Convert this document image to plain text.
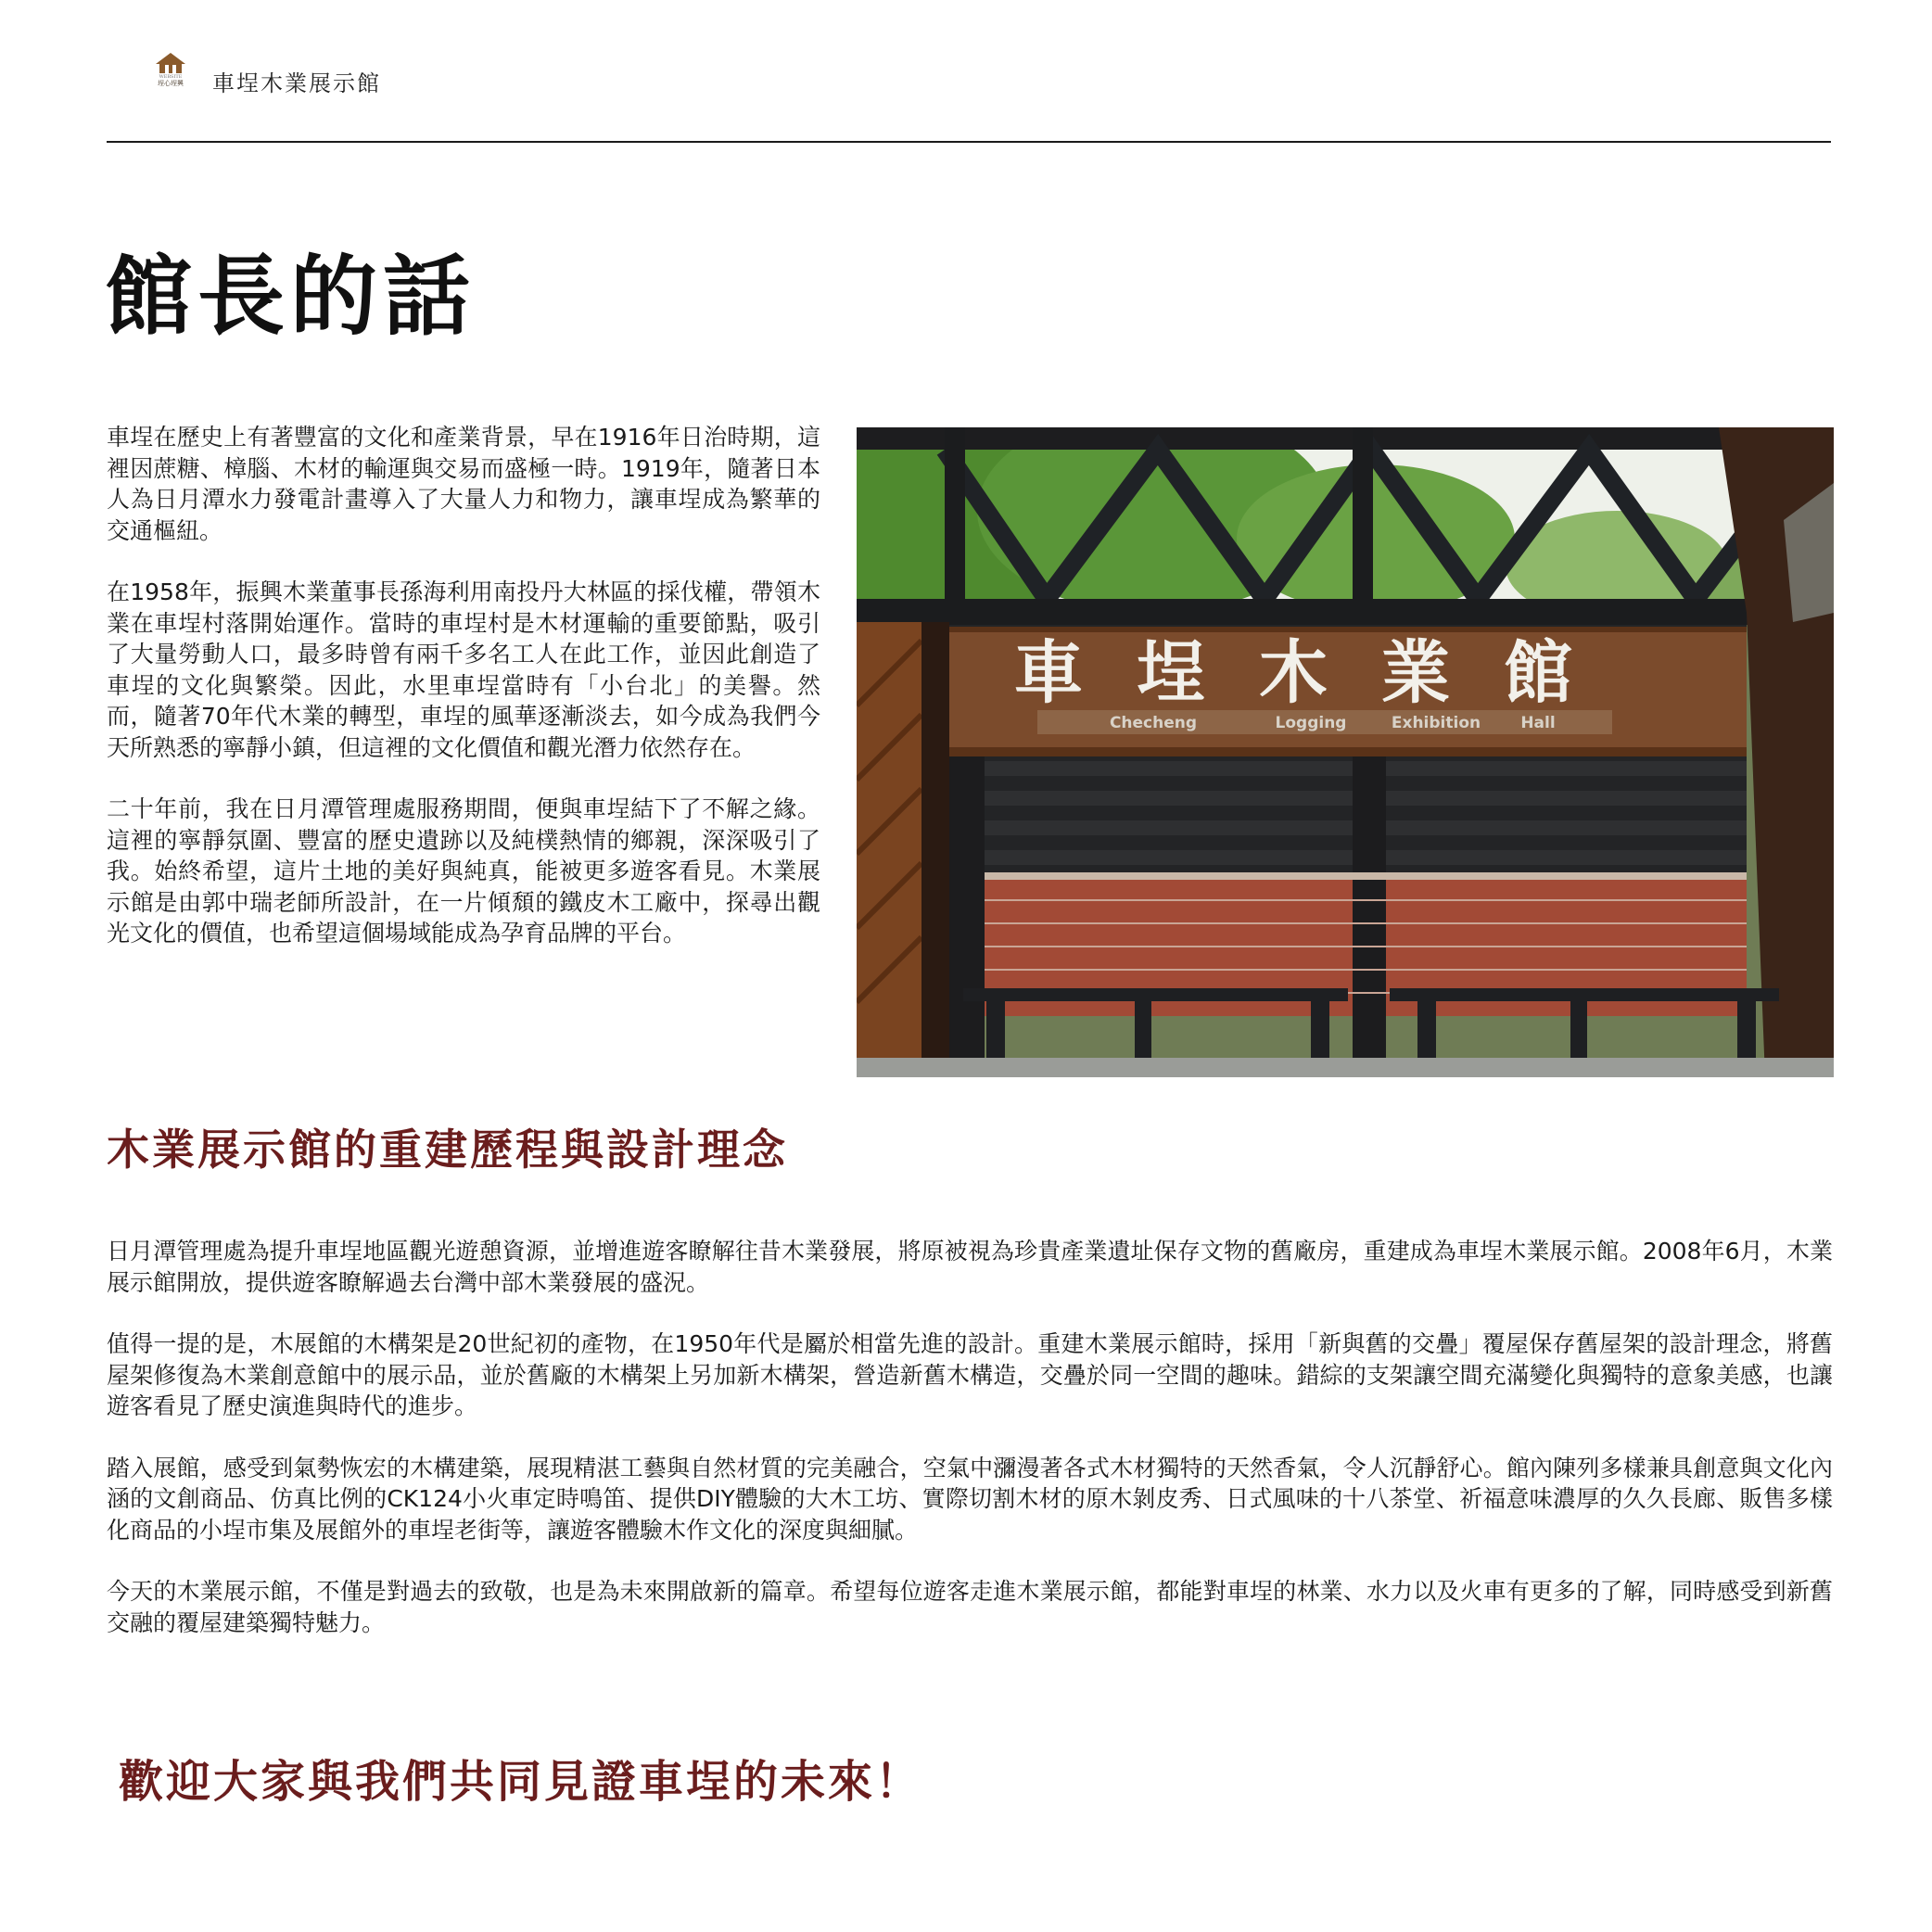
WEBSITE
埕心埕興 車埕木業展示館
館長的話

車埕在歷史上有著豐富的文化和產業背景，早在1916年日治時期，這裡因蔗糖、樟腦、木材的輸運與交易而盛極一時。1919年，隨著日本人為日月潭水力發電計畫導入了大量人力和物力，讓車埕成為繁華的交通樞紐。

在1958年，振興木業董事長孫海利用南投丹大林區的採伐權，帶領木業在車埕村落開始運作。當時的車埕村是木材運輸的重要節點，吸引了大量勞動人口，最多時曾有兩千多名工人在此工作，並因此創造了車埕的文化與繁榮。因此，水里車埕當時有「小台北」的美譽。然而，隨著70年代木業的轉型，車埕的風華逐漸淡去，如今成為我們今天所熟悉的寧靜小鎮，但這裡的文化價值和觀光潛力依然存在。

二十年前，我在日月潭管理處服務期間，便與車埕結下了不解之緣。這裡的寧靜氛圍、豐富的歷史遺跡以及純樸熱情的鄉親，深深吸引了我。始終希望，這片土地的美好與純真，能被更多遊客看見。木業展示館是由郭中瑞老師所設計，在一片傾頹的鐵皮木工廠中，探尋出觀光文化的價值，也希望這個場域能成為孕育品牌的平台。

車埕木業館
Checheng	Logging	Exhibition	Hall
木業展示館的重建歷程與設計理念

日月潭管理處為提升車埕地區觀光遊憩資源，並增進遊客瞭解往昔木業發展，將原被視為珍貴產業遺址保存文物的舊廠房，重建成為車埕木業展示館。2008年6月，木業展示館開放，提供遊客瞭解過去台灣中部木業發展的盛況。

值得一提的是，木展館的木構架是20世紀初的產物，在1950年代是屬於相當先進的設計。重建木業展示館時，採用「新與舊的交疊」覆屋保存舊屋架的設計理念，將舊屋架修復為木業創意館中的展示品，並於舊廠的木構架上另加新木構架，營造新舊木構造，交疊於同一空間的趣味。錯綜的支架讓空間充滿變化與獨特的意象美感，也讓遊客看見了歷史演進與時代的進步。

踏入展館，感受到氣勢恢宏的木構建築，展現精湛工藝與自然材質的完美融合，空氣中瀰漫著各式木材獨特的天然香氣，令人沉靜舒心。館內陳列多樣兼具創意與文化內涵的文創商品、仿真比例的CK124小火車定時鳴笛、提供DIY體驗的大木工坊、實際切割木材的原木剝皮秀、日式風味的十八茶堂、祈福意味濃厚的久久長廊、販售多樣化商品的小埕市集及展館外的車埕老街等，讓遊客體驗木作文化的深度與細膩。

今天的木業展示館，不僅是對過去的致敬，也是為未來開啟新的篇章。希望每位遊客走進木業展示館，都能對車埕的林業、水力以及火車有更多的了解，同時感受到新舊交融的覆屋建築獨特魅力。

歡迎大家與我們共同見證車埕的未來！
